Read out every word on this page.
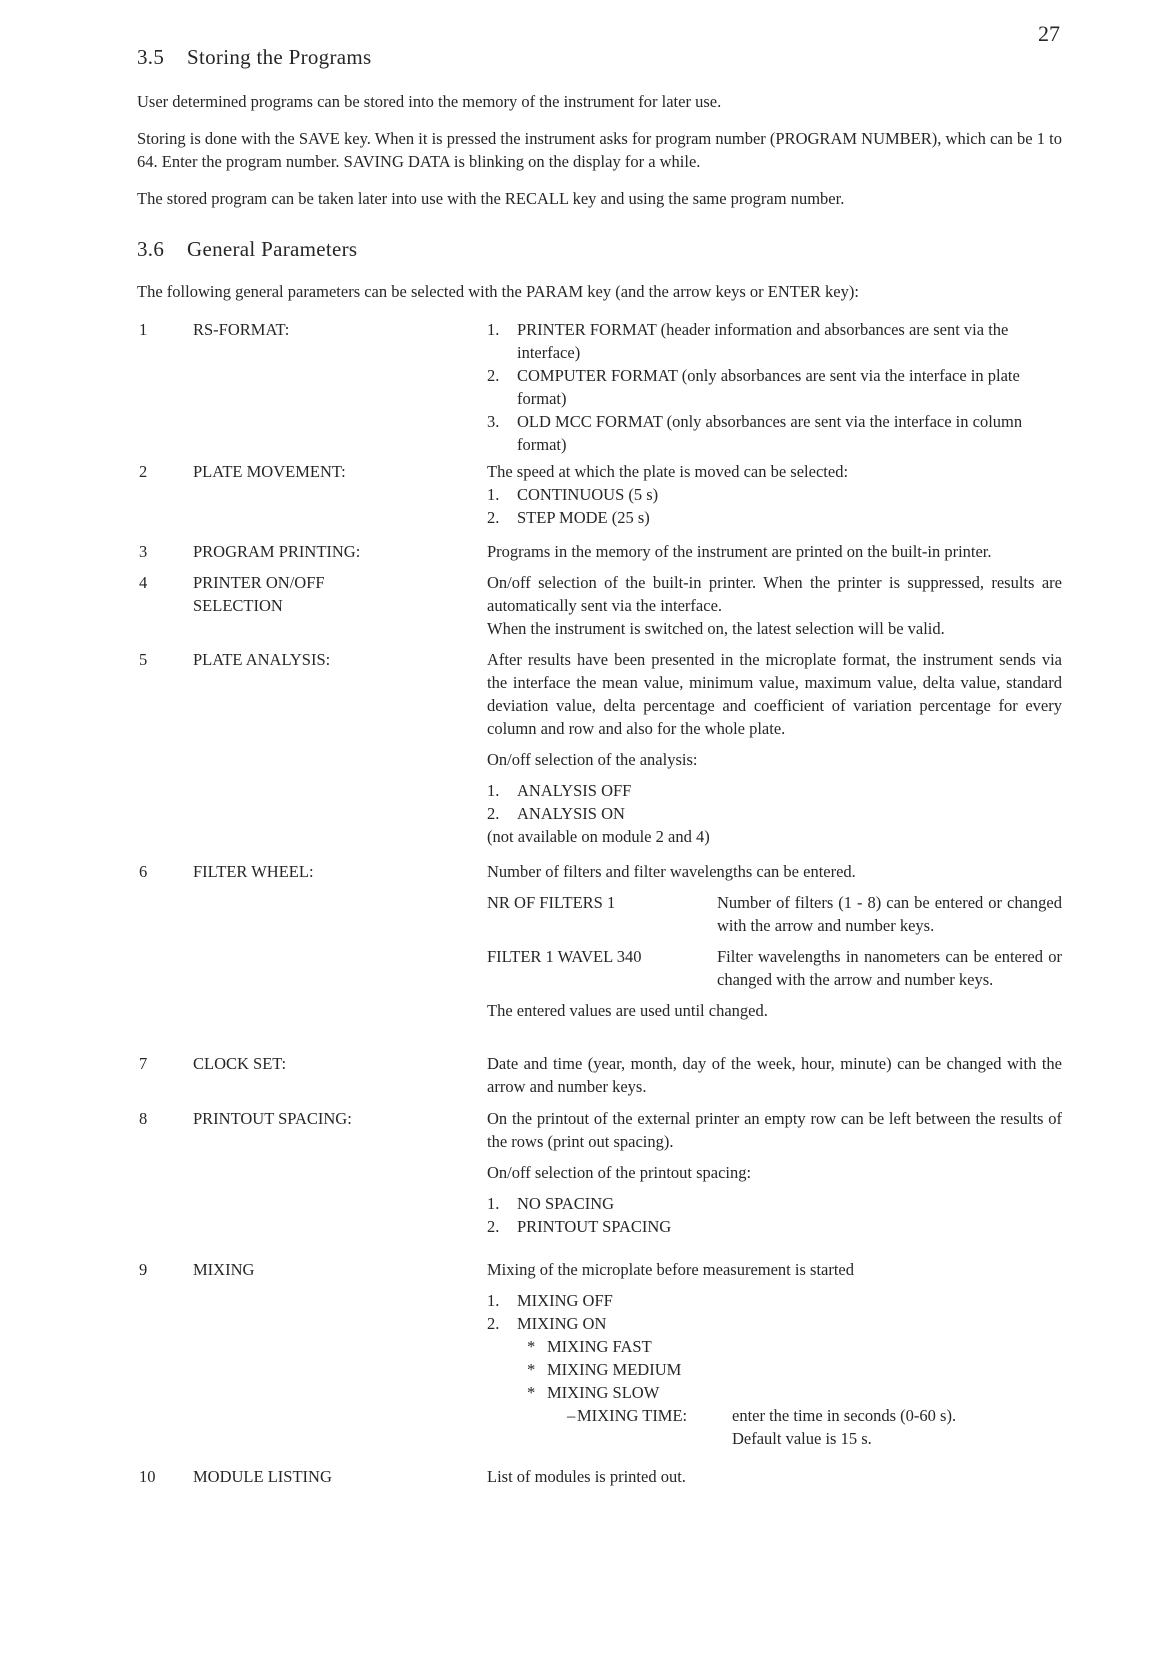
27
3.5 Storing the Programs
User determined programs can be stored into the memory of the instrument for later use.
Storing is done with the SAVE key. When it is pressed the instrument asks for program number (PROGRAM NUMBER), which can be 1 to 64. Enter the program number. SAVING DATA is blinking on the display for a while.
The stored program can be taken later into use with the RECALL key and using the same program number.
3.6 General Parameters
The following general parameters can be selected with the PARAM key (and the arrow keys or ENTER key):
1	RS-FORMAT:	1. PRINTER FORMAT (header information and absorbances are sent via the interface)
2. COMPUTER FORMAT (only absorbances are sent via the interface in plate format)
3. OLD MCC FORMAT (only absorbances are sent via the interface in column format)
2	PLATE MOVEMENT:	The speed at which the plate is moved can be selected:
1. CONTINUOUS (5 s)
2. STEP MODE (25 s)
3	PROGRAM PRINTING:	Programs in the memory of the instrument are printed on the built-in printer.
4	PRINTER ON/OFF SELECTION
On/off selection of the built-in printer. When the printer is suppressed, results are automatically sent via the interface.
When the instrument is switched on, the latest selection will be valid.
5	PLATE ANALYSIS:	After results have been presented in the microplate format, the instrument sends via the interface the mean value, minimum value, maximum value, delta value, standard deviation value, delta percentage and coefficient of variation percentage for every column and row and also for the whole plate.

On/off selection of the analysis:

1. ANALYSIS OFF
2. ANALYSIS ON
(not available on module 2 and 4)
6	FILTER WHEEL:	Number of filters and filter wavelengths can be entered.

NR OF FILTERS 1	Number of filters (1 - 8) can be entered or changed with the arrow and number keys.
FILTER 1 WAVEL 340	Filter wavelengths in nanometers can be entered or changed with the arrow and number keys.
The entered values are used until changed.
7	CLOCK SET:	Date and time (year, month, day of the week, hour, minute) can be changed with the arrow and number keys.
8	PRINTOUT SPACING:	On the printout of the external printer an empty row can be left between the results of the rows (print out spacing).

On/off selection of the printout spacing:

1. NO SPACING
2. PRINTOUT SPACING
9	MIXING	Mixing of the microplate before measurement is started

1. MIXING OFF
2. MIXING ON
* MIXING FAST
* MIXING MEDIUM
* MIXING SLOW
– MIXING TIME:	enter the time in seconds (0-60 s).
Default value is 15 s.
10	MODULE LISTING	List of modules is printed out.
